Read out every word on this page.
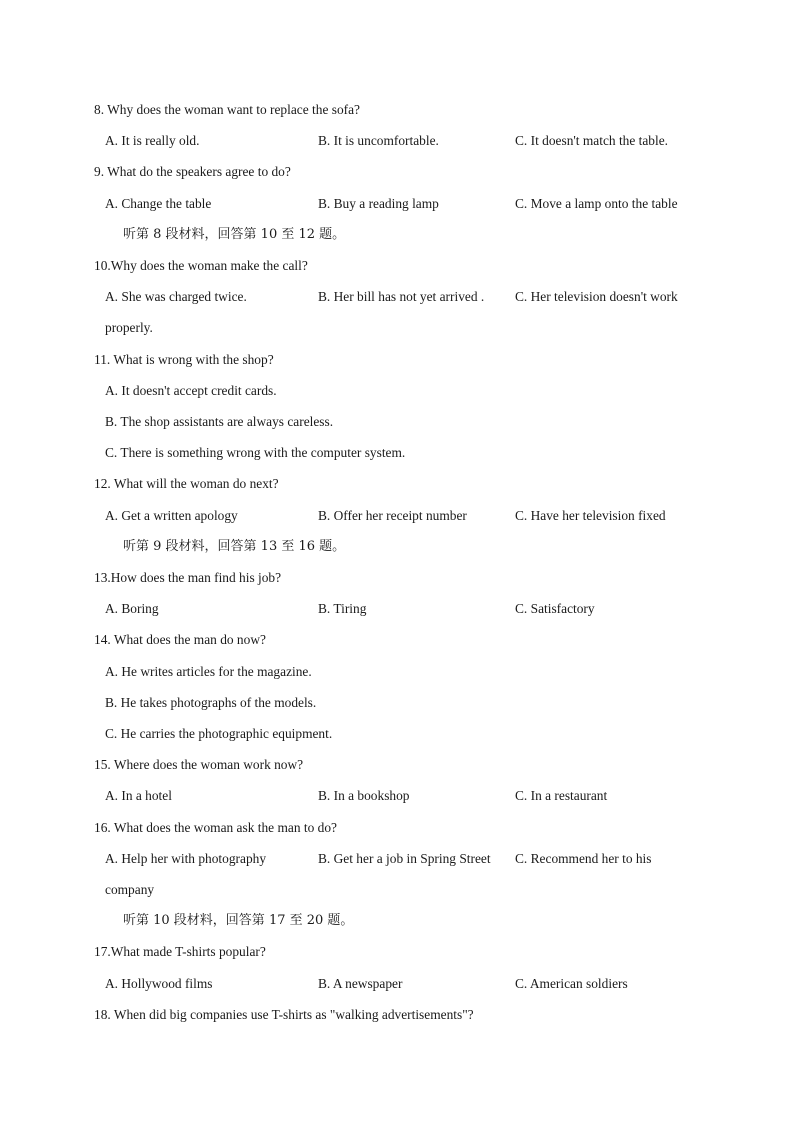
8. Why does the woman want to replace the sofa?
A. It is really old.	B. It is uncomfortable.	C. It doesn't match the table.
9. What do the speakers agree to do?
A. Change the table	B. Buy a reading lamp	C. Move a lamp onto the table
听第 8 段材料，回答第 10 至 12 题。
10.Why does the woman make the call?
A. She was charged twice.	B. Her bill has not yet arrived . C. Her television doesn't work
properly.
11. What is wrong with the shop?
A. It doesn't accept credit cards.
B. The shop assistants are always careless.
C. There is something wrong with the computer system.
12. What will the woman do next?
A. Get a written apology	B. Offer her receipt number	C. Have her television fixed
听第 9 段材料，回答第 13 至 16 题。
13.How does the man find his job?
A. Boring	B. Tiring	C. Satisfactory
14. What does the man do now?
A. He writes articles for the magazine.
B. He takes photographs of the models.
C. He carries the photographic equipment.
15. Where does the woman work now?
A. In a hotel	B. In a bookshop	C. In a restaurant
16. What does the woman ask the man to do?
A. Help her with photography	B. Get her a job in Spring Street C. Recommend her to his
company
听第 10 段材料，回答第 17 至 20 题。
17.What made T-shirts popular?
A. Hollywood films	B. A newspaper	C. American soldiers
18. When did big companies use T-shirts as "walking advertisements"?
